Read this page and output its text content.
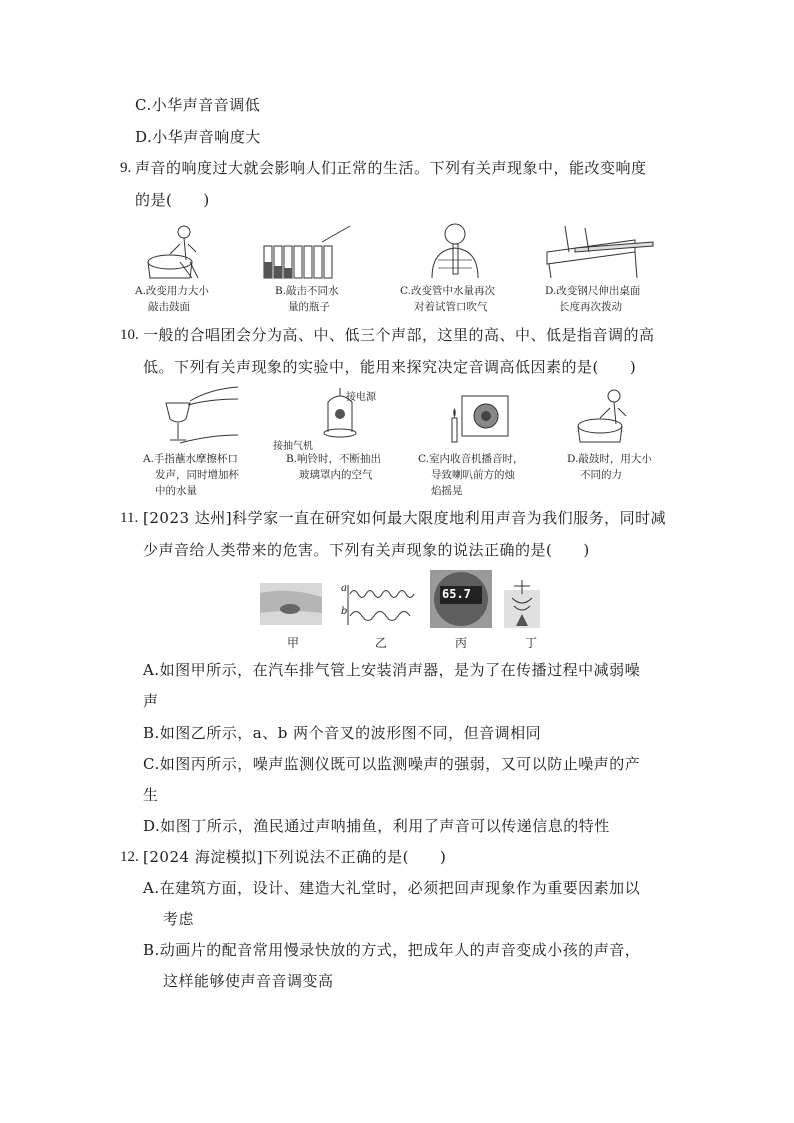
C.小华声音音调低
D.小华声音响度大
9. 声音的响度过大就会影响人们正常的生活。下列有关声现象中，能改变响度
的是(　　)
A.改变用力大小
敲击鼓面
B.敲击不同水
量的瓶子
C.改变管中水量再次
对着试管口吹气
D.改变钢尺伸出桌面
长度再次拨动
10. 一般的合唱团会分为高、中、低三个声部，这里的高、中、低是指音调的高
低。下列有关声现象的实验中，能用来探究决定音调高低因素的是(　　)
接电源
接抽气机
A.手指蘸水摩擦杯口
发声，同时增加杯
中的水量
B.响铃时，不断抽出
玻璃罩内的空气
C.室内收音机播音时，
导致喇叭前方的烛
焰摇晃
D.敲鼓时，用大小
不同的力
11. [2023 达州]科学家一直在研究如何最大限度地利用声音为我们服务，同时减
少声音给人类带来的危害。下列有关声现象的说法正确的是(　　)
a
b
65.7
甲	乙	丙	丁
A.如图甲所示，在汽车排气管上安装消声器，是为了在传播过程中减弱噪
声
B.如图乙所示，a、b 两个音叉的波形图不同，但音调相同
C.如图丙所示，噪声监测仪既可以监测噪声的强弱，又可以防止噪声的产
生
D.如图丁所示，渔民通过声呐捕鱼，利用了声音可以传递信息的特性
12. [2024 海淀模拟]下列说法不正确的是(　　)
A.在建筑方面，设计、建造大礼堂时，必须把回声现象作为重要因素加以
考虑
B.动画片的配音常用慢录快放的方式，把成年人的声音变成小孩的声音，
这样能够使声音音调变高
